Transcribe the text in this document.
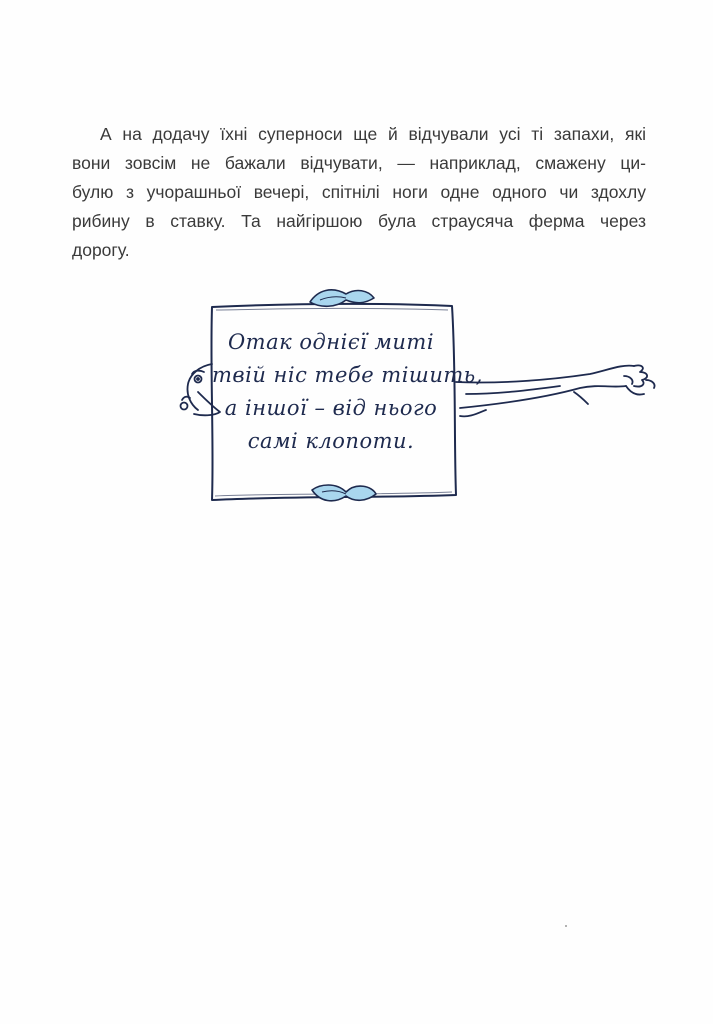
А на додачу їхні суперноси ще й відчували усі ті запахи, які
вони зовсім не бажали відчувати, — наприклад, смажену ци-
булю з учорашньої вечері, спітнілі ноги одне одного чи здохлу
рибину в ставку. Та найгіршою була страусяча ферма через
дорогу.

Отак однієї миті
твій ніс тебе тішить,
а іншої – від нього
самі клопоти.
